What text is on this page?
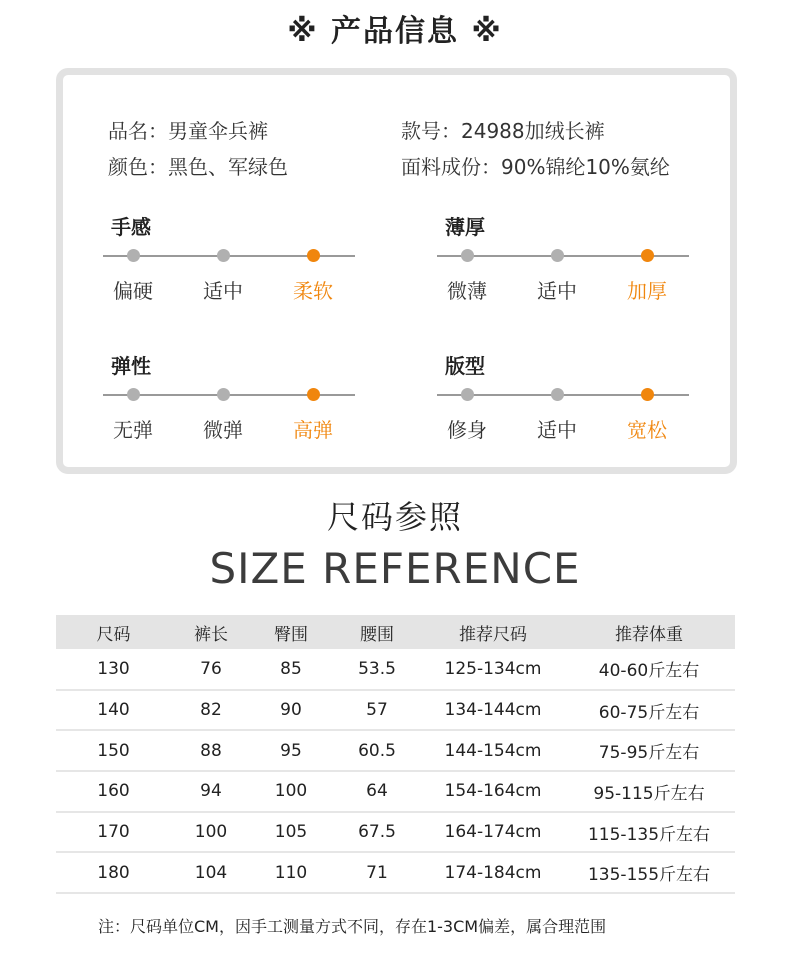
※ 产品信息 ※
品名：男童伞兵裤	款号：24988加绒长裤
颜色：黑色、军绿色	面料成份：90%锦纶10%氨纶
手感
偏硬	适中	柔软
薄厚
微薄	适中	加厚
弹性
无弹	微弹	高弹
版型
修身	适中	宽松
尺码参照
SIZE REFERENCE
尺码	裤长	臀围	腰围	推荐尺码	推荐体重
130	76	85	53.5	125-134cm	40-60斤左右
140	82	90	57	134-144cm	60-75斤左右
150	88	95	60.5	144-154cm	75-95斤左右
160	94	100	64	154-164cm	95-115斤左右
170	100	105	67.5	164-174cm	115-135斤左右
180	104	110	71	174-184cm	135-155斤左右
注：尺码单位CM，因手工测量方式不同，存在1-3CM偏差，属合理范围
